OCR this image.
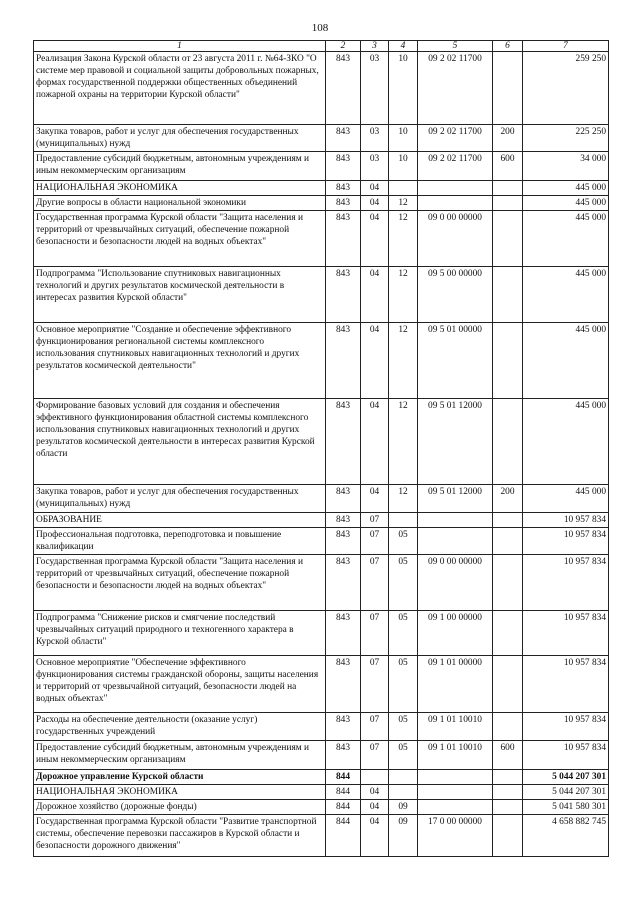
108
1	2	3	4	5	6	7
Реализация Закона Курской области от 23 августа 2011 г. №64-ЗКО "О системе мер правовой и социальной защиты добровольных пожарных, формах государственной поддержки общественных объединений пожарной охраны на территории Курской области"	843	03	10	09 2 02 11700		259 250
Закупка товаров, работ и услуг для обеспечения государственных (муниципальных) нужд	843	03	10	09 2 02 11700	200	225 250
Предоставление субсидий бюджетным, автономным учреждениям и иным некоммерческим организациям	843	03	10	09 2 02 11700	600	34 000
НАЦИОНАЛЬНАЯ ЭКОНОМИКА	843	04				445 000
Другие вопросы в области национальной экономики	843	04	12			445 000
Государственная программа Курской области "Защита населения и территорий от чрезвычайных ситуаций, обеспечение пожарной безопасности и безопасности людей на водных объектах"	843	04	12	09 0 00 00000		445 000
Подпрограмма "Использование спутниковых навигационных технологий и других результатов космической деятельности в интересах развития Курской области"	843	04	12	09 5 00 00000		445 000
Основное мероприятие "Создание и обеспечение эффективного функционирования региональной системы комплексного использования спутниковых навигационных технологий и других результатов космической деятельности"	843	04	12	09 5 01 00000		445 000
Формирование базовых условий для создания и обеспечения эффективного функционирования областной системы комплексного использования спутниковых навигационных технологий и других результатов космической деятельности в интересах развития Курской области	843	04	12	09 5 01 12000		445 000
Закупка товаров, работ и услуг для обеспечения государственных (муниципальных) нужд	843	04	12	09 5 01 12000	200	445 000
ОБРАЗОВАНИЕ	843	07				10 957 834
Профессиональная подготовка, переподготовка и повышение квалификации	843	07	05			10 957 834
Государственная программа Курской области "Защита населения и территорий от чрезвычайных ситуаций, обеспечение пожарной безопасности и безопасности людей на водных объектах"	843	07	05	09 0 00 00000		10 957 834
Подпрограмма "Снижение рисков и смягчение последствий чрезвычайных ситуаций природного и техногенного характера в Курской области"	843	07	05	09 1 00 00000		10 957 834
Основное мероприятие "Обеспечение эффективного функционирования системы гражданской обороны, защиты населения и территорий от чрезвычайной ситуаций, безопасности людей на водных объектах"	843	07	05	09 1 01 00000		10 957 834
Расходы на обеспечение деятельности (оказание услуг) государственных учреждений	843	07	05	09 1 01 10010		10 957 834
Предоставление субсидий бюджетным, автономным учреждениям и иным некоммерческим организациям	843	07	05	09 1 01 10010	600	10 957 834
Дорожное управление Курской области	844					5 044 207 301
НАЦИОНАЛЬНАЯ ЭКОНОМИКА	844	04				5 044 207 301
Дорожное хозяйство (дорожные фонды)	844	04	09			5 041 580 301
Государственная программа Курской области "Развитие транспортной системы, обеспечение перевозки пассажиров в Курской области и безопасности дорожного движения"	844	04	09	17 0 00 00000		4 658 882 745
